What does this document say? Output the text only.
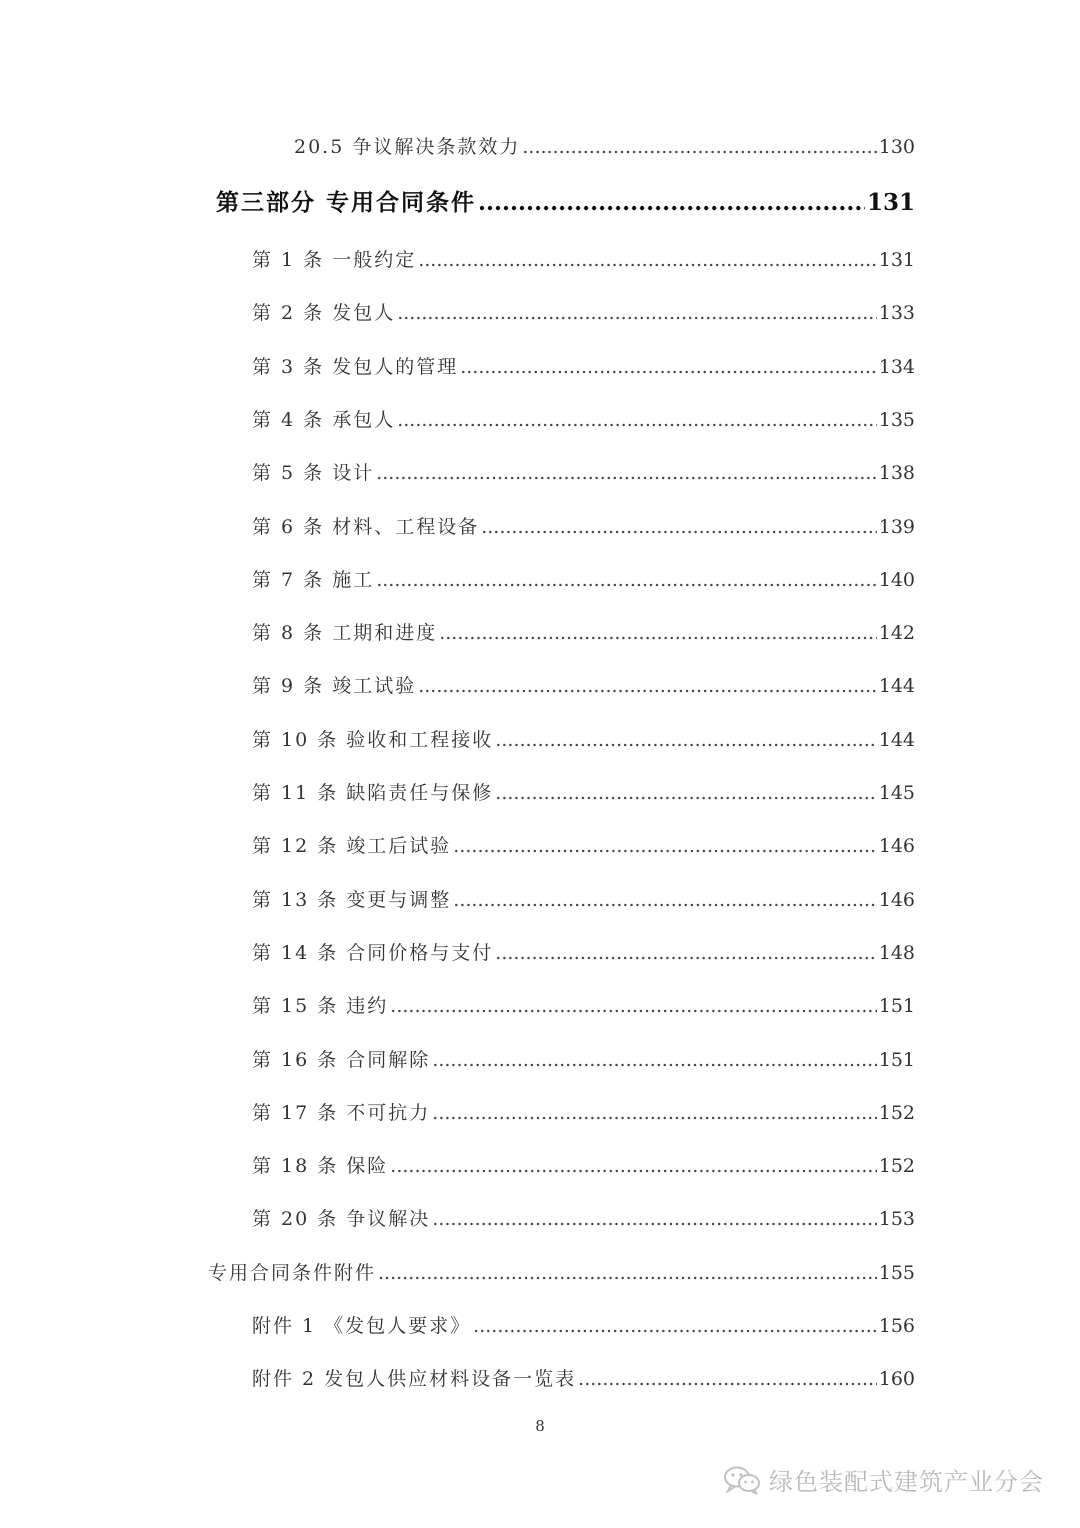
20.5 争议解决条款效力 .....	130
第三部分 专用合同条件 .....	131
第 1 条 一般约定 .....	131
第 2 条 发包人 .....	133
第 3 条 发包人的管理 .....	134
第 4 条 承包人 .....	135
第 5 条 设计 .....	138
第 6 条 材料、工程设备 .....	139
第 7 条 施工 .....	140
第 8 条 工期和进度 .....	142
第 9 条 竣工试验 .....	144
第 10 条 验收和工程接收 .....	144
第 11 条 缺陷责任与保修 .....	145
第 12 条 竣工后试验 .....	146
第 13 条 变更与调整 .....	146
第 14 条 合同价格与支付 .....	148
第 15 条 违约 .....	151
第 16 条 合同解除 .....	151
第 17 条 不可抗力 .....	152
第 18 条 保险 .....	152
第 20 条 争议解决 .....	153
专用合同条件附件 .....	155
附件 1 《发包人要求》 .....	156
附件 2 发包人供应材料设备一览表 .....	160
8
绿色装配式建筑产业分会
